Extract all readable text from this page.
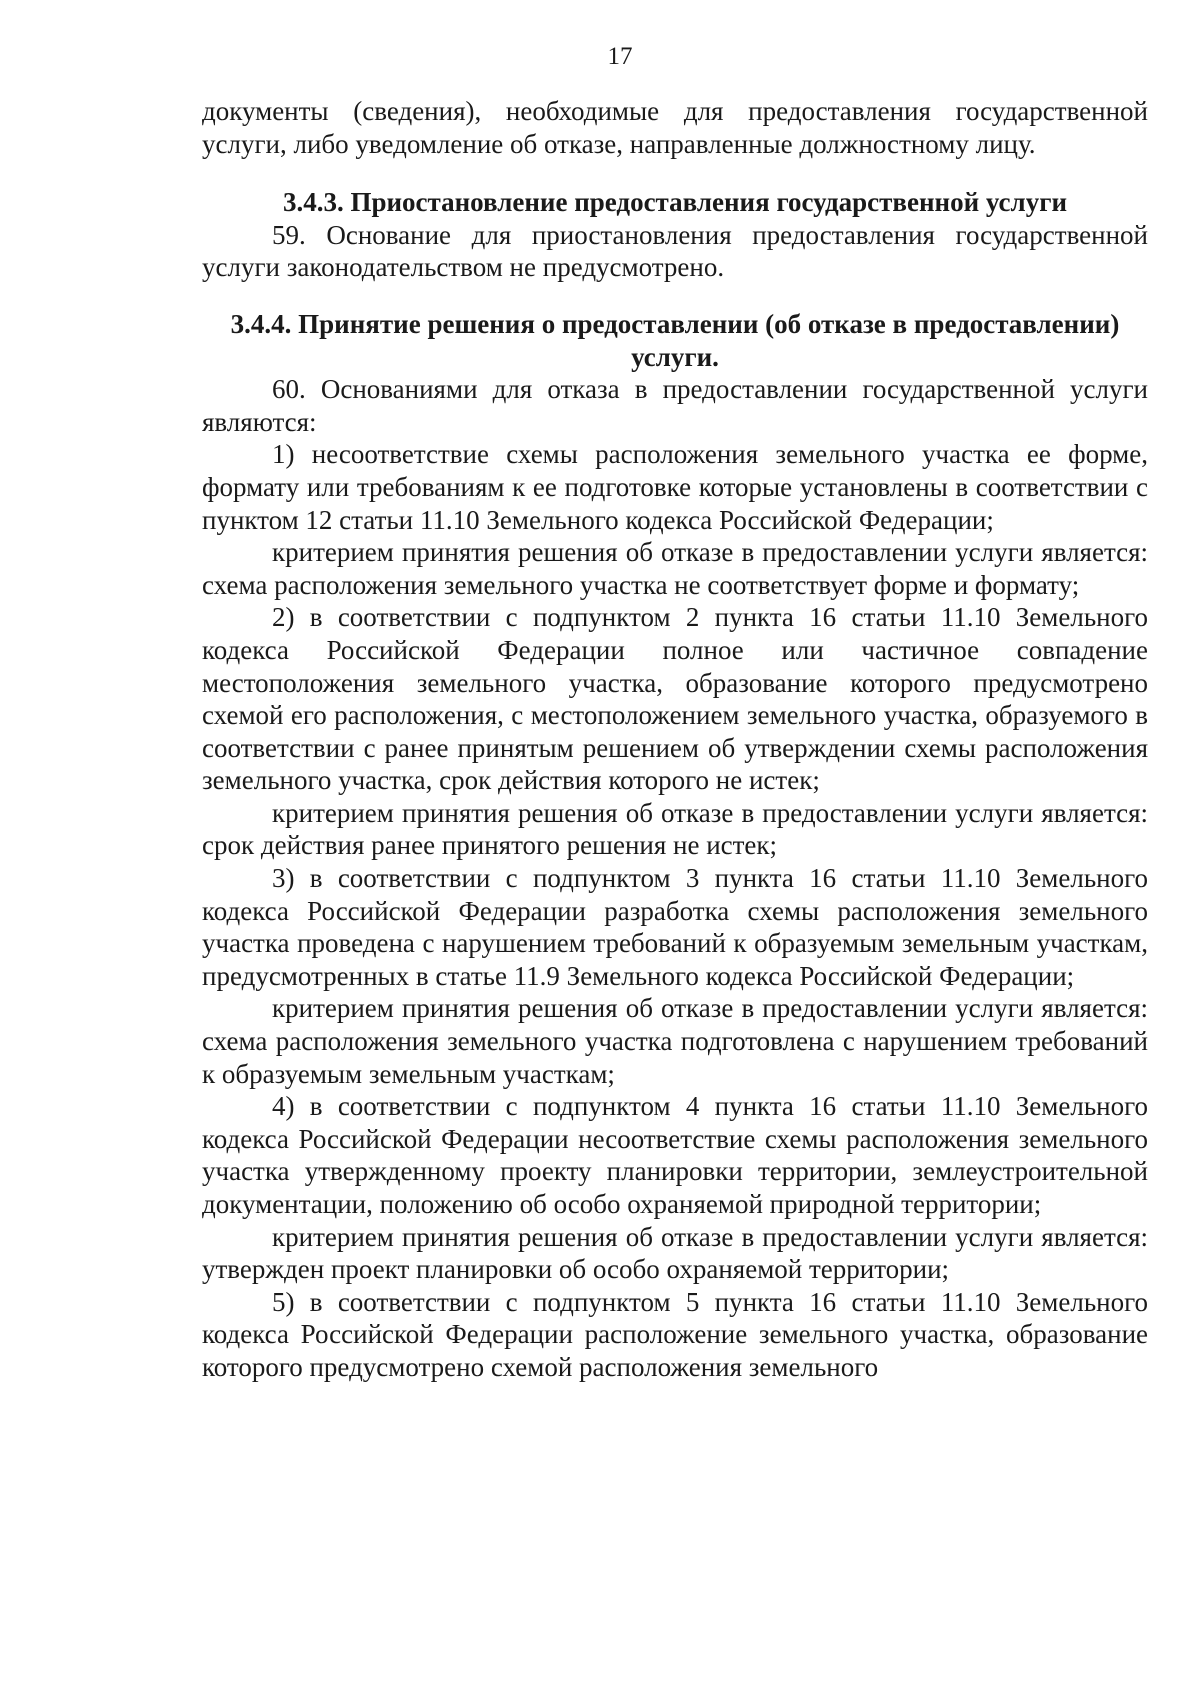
17

документы (сведения), необходимые для предоставления государственной услуги, либо уведомление об отказе, направленные должностному лицу.

3.4.3. Приостановление предоставления государственной услуги

59. Основание для приостановления предоставления государственной услуги законодательством не предусмотрено.

3.4.4. Принятие решения о предоставлении (об отказе в предоставлении) услуги.

60. Основаниями для отказа в предоставлении государственной услуги являются:

1) несоответствие схемы расположения земельного участка ее форме, формату или требованиям к ее подготовке которые установлены в соответствии с пунктом 12 статьи 11.10 Земельного кодекса Российской Федерации;

критерием принятия решения об отказе в предоставлении услуги является: схема расположения земельного участка не соответствует форме и формату;

2) в соответствии с подпунктом 2 пункта 16 статьи 11.10 Земельного кодекса Российской Федерации полное или частичное совпадение местоположения земельного участка, образование которого предусмотрено схемой его расположения, с местоположением земельного участка, образуемого в соответствии с ранее принятым решением об утверждении схемы расположения земельного участка, срок действия которого не истек;

критерием принятия решения об отказе в предоставлении услуги является: срок действия ранее принятого решения не истек;

3) в соответствии с подпунктом 3 пункта 16 статьи 11.10 Земельного кодекса Российской Федерации разработка схемы расположения земельного участка проведена с нарушением требований к образуемым земельным участкам, предусмотренных в статье 11.9 Земельного кодекса Российской Федерации;

критерием принятия решения об отказе в предоставлении услуги является: схема расположения земельного участка подготовлена с нарушением требований к образуемым земельным участкам;

4) в соответствии с подпунктом 4 пункта 16 статьи 11.10 Земельного кодекса Российской Федерации несоответствие схемы расположения земельного участка утвержденному проекту планировки территории, землеустроительной документации, положению об особо охраняемой природной территории;

критерием принятия решения об отказе в предоставлении услуги является: утвержден проект планировки об особо охраняемой территории;

5) в соответствии с подпунктом 5 пункта 16 статьи 11.10 Земельного кодекса Российской Федерации расположение земельного участка, образование которого предусмотрено схемой расположения земельного
